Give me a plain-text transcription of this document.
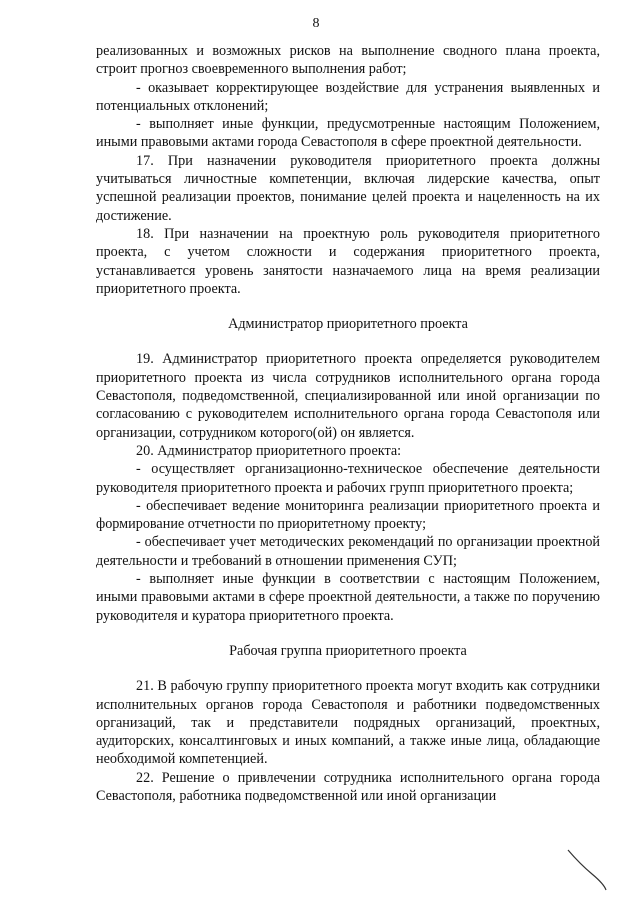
8

реализованных и возможных рисков на выполнение сводного плана проекта, строит прогноз своевременного выполнения работ;

- оказывает корректирующее воздействие для устранения выявленных и потенциальных отклонений;

- выполняет иные функции, предусмотренные настоящим Положением, иными правовыми актами города Севастополя в сфере проектной деятельности.

17. При назначении руководителя приоритетного проекта должны учитываться личностные компетенции, включая лидерские качества, опыт успешной реализации проектов, понимание целей проекта и нацеленность на их достижение.

18. При назначении на проектную роль руководителя приоритетного проекта, с учетом сложности и содержания приоритетного проекта, устанавливается уровень занятости назначаемого лица на время реализации приоритетного проекта.

Администратор приоритетного проекта

19. Администратор приоритетного проекта определяется руководителем приоритетного проекта из числа сотрудников исполнительного органа города Севастополя, подведомственной, специализированной или иной организации по согласованию с руководителем исполнительного органа города Севастополя или организации, сотрудником которого(ой) он является.

20. Администратор приоритетного проекта:

- осуществляет организационно-техническое обеспечение деятельности руководителя приоритетного проекта и рабочих групп приоритетного проекта;

- обеспечивает ведение мониторинга реализации приоритетного проекта и формирование отчетности по приоритетному проекту;

- обеспечивает учет методических рекомендаций по организации проектной деятельности и требований в отношении применения СУП;

- выполняет иные функции в соответствии с настоящим Положением, иными правовыми актами в сфере проектной деятельности, а также по поручению руководителя и куратора приоритетного проекта.

Рабочая группа приоритетного проекта

21. В рабочую группу приоритетного проекта могут входить как сотрудники исполнительных органов города Севастополя и работники подведомственных организаций, так и представители подрядных организаций, проектных, аудиторских, консалтинговых и иных компаний, а также иные лица, обладающие необходимой компетенцией.

22. Решение о привлечении сотрудника исполнительного органа города Севастополя, работника подведомственной или иной организации
